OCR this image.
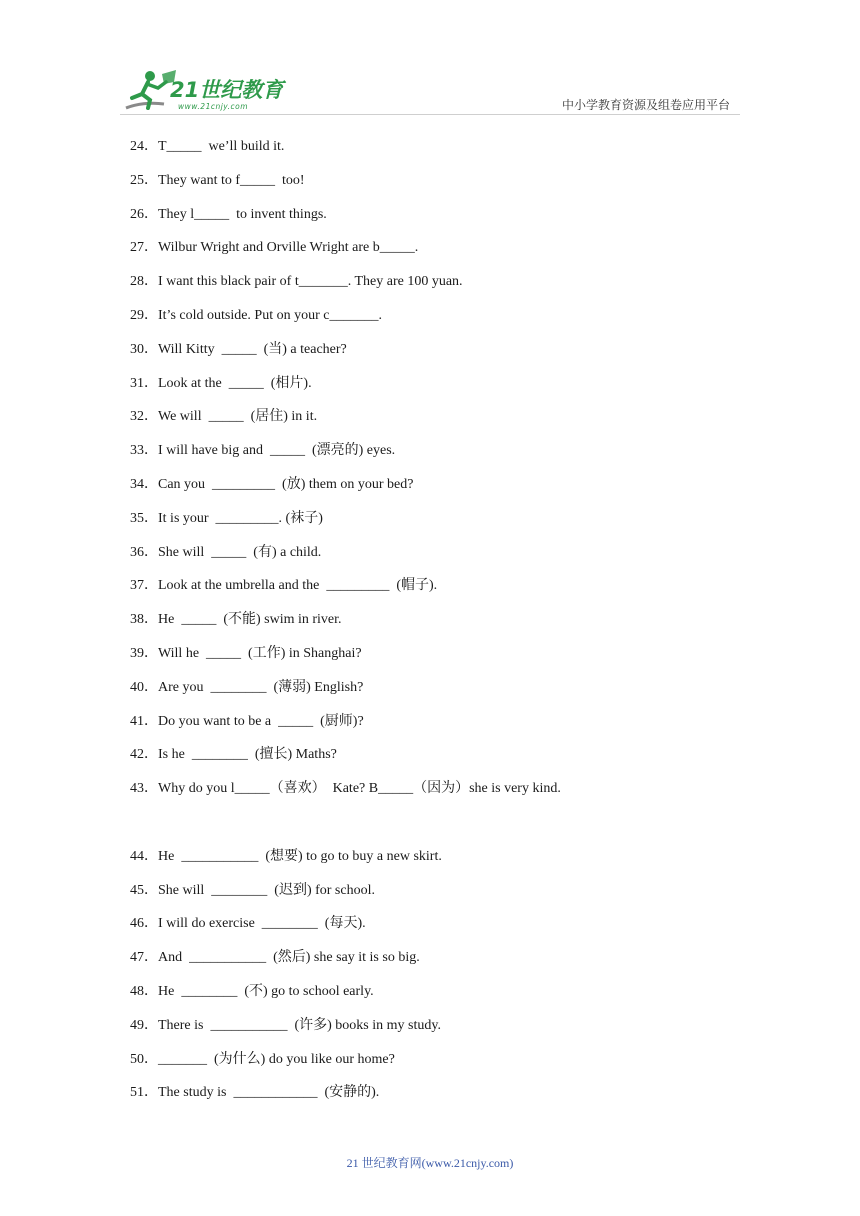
21世纪教育
www.21cnjy.com	中小学教育资源及组卷应用平台
24．T_____  we’ll build it.
25．They want to f_____  too!
26．They l_____  to invent things.
27．Wilbur Wright and Orville Wright are b_____.
28．I want this black pair of t_______. They are 100 yuan.
29．It’s cold outside. Put on your c_______.
30．Will Kitty  _____  (当) a teacher?
31．Look at the  _____  (相片).
32．We will  _____  (居住) in it.
33．I will have big and  _____  (漂亮的) eyes.
34．Can you  _________  (放) them on your bed?
35．It is your  _________. (袜子)
36．She will  _____  (有) a child.
37．Look at the umbrella and the  _________  (帽子).
38．He  _____  (不能) swim in river.
39．Will he  _____  (工作) in Shanghai?
40．Are you  ________  (薄弱) English?
41．Do you want to be a  _____  (厨师)?
42．Is he  ________  (擅长) Maths?
43．Why do you l_____（喜欢）  Kate? B_____（因为）she is very kind.
44．He  ___________  (想要) to go to buy a new skirt.
45．She will  ________  (迟到) for school.
46．I will do exercise  ________  (每天).
47．And  ___________  (然后) she say it is so big.
48．He  ________  (不) go to school early.
49．There is  ___________  (许多) books in my study.
50．_______  (为什么) do you like our home?
51．The study is  ____________  (安静的).
21 世纪教育网(www.21cnjy.com)
